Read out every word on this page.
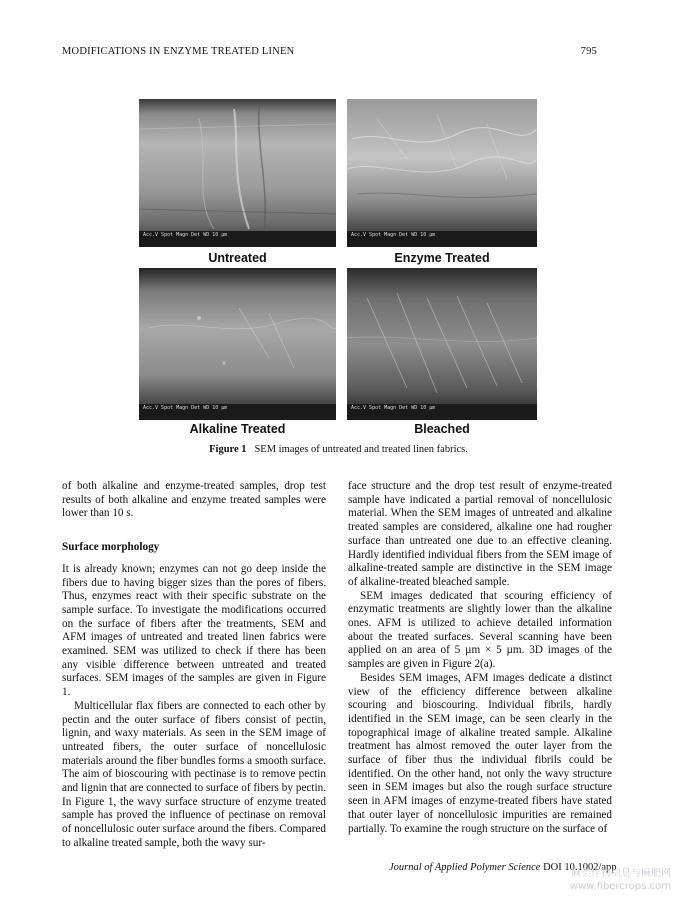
MODIFICATIONS IN ENZYME TREATED LINEN	795
Acc.V Spot Magn Det WD 10 µm
Untreated
Acc.V Spot Magn Det WD 10 µm
Enzyme Treated
Acc.V Spot Magn Det WD 10 µm
Alkaline Treated
Acc.V Spot Magn Det WD 10 µm
Bleached
Figure 1 SEM images of untreated and treated linen fabrics.

of both alkaline and enzyme-treated samples, drop test results of both alkaline and enzyme treated samples were lower than 10 s.

Surface morphology

It is already known; enzymes can not go deep inside the fibers due to having bigger sizes than the pores of fibers. Thus, enzymes react with their specific substrate on the sample surface. To investigate the modifications occurred on the surface of fibers after the treatments, SEM and AFM images of untreated and treated linen fabrics were examined. SEM was utilized to check if there has been any visible difference between untreated and treated surfaces. SEM images of the samples are given in Figure 1.

Multicellular flax fibers are connected to each other by pectin and the outer surface of fibers consist of pectin, lignin, and waxy materials. As seen in the SEM image of untreated fibers, the outer surface of noncellulosic materials around the fiber bundles forms a smooth surface. The aim of bioscouring with pectinase is to remove pectin and lignin that are connected to surface of fibers by pectin. In Figure 1, the wavy surface structure of enzyme treated sample has proved the influence of pectinase on removal of noncellulosic outer surface around the fibers. Compared to alkaline treated sample, both the wavy sur-

face structure and the drop test result of enzyme-treated sample have indicated a partial removal of noncellulosic material. When the SEM images of untreated and alkaline treated samples are considered, alkaline one had rougher surface than untreated one due to an effective cleaning. Hardly identified individual fibers from the SEM image of alkaline-treated sample are distinctive in the SEM image of alkaline-treated bleached sample.

SEM images dedicated that scouring efficiency of enzymatic treatments are slightly lower than the alkaline ones. AFM is utilized to achieve detailed information about the treated surfaces. Several scanning have been applied on an area of 5 µm × 5 µm. 3D images of the samples are given in Figure 2(a).

Besides SEM images, AFM images dedicate a distinct view of the efficiency difference between alkaline scouring and bioscouring. Individual fibrils, hardly identified in the SEM image, can be seen clearly in the topographical image of alkaline treated sample. Alkaline treatment has almost removed the outer layer from the surface of fiber thus the individual fibrils could be identified. On the other hand, not only the wavy structure seen in SEM images but also the rough surface structure seen in AFM images of enzyme-treated fibers have stated that outer layer of noncellulosic impurities are remained partially. To examine the rough structure on the surface of

Journal of Applied Polymer Science DOI 10.1002/app
麻类作物信息与麻肥网
www.fibercrops.com
